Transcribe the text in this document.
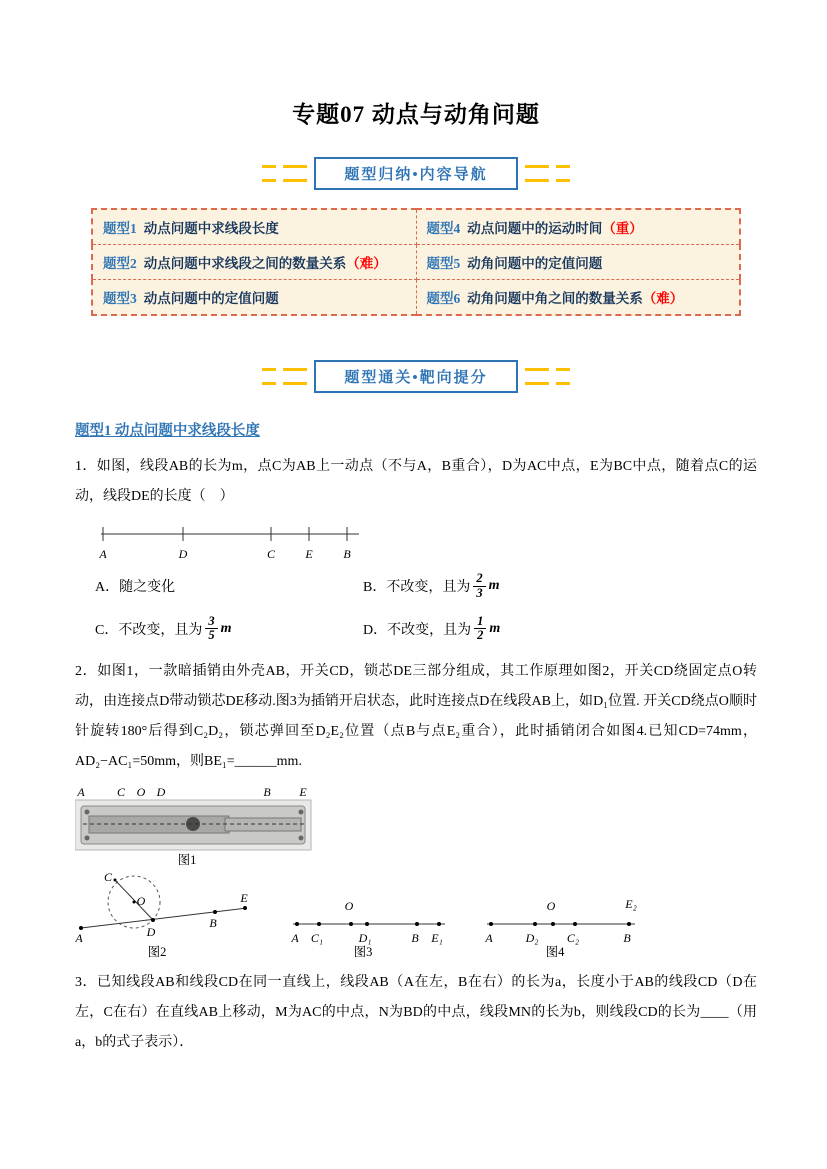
专题07 动点与动角问题
题型归纳•内容导航
题型1 动点问题中求线段长度	题型4 动点问题中的运动时间（重）
题型2 动点问题中求线段之间的数量关系（难）	题型5 动角问题中的定值问题
题型3 动点问题中的定值问题	题型6 动角问题中角之间的数量关系（难）
题型通关•靶向提分
题型1 动点问题中求线段长度

1．如图，线段AB的长为m，点C为AB上一动点（不与A，B重合），D为AC中点，E为BC中点，随着点C的运动，线段DE的长度（　）

A	D	C	E	B
A．随之变化	B．不改变，且为 $\frac{2}{3}$ m
C．不改变，且为 $\frac{3}{5}$ m	D．不改变，且为 $\frac{1}{2}$ m

2．如图1，一款暗插销由外壳AB，开关CD，锁芯DE三部分组成，其工作原理如图2，开关CD绕固定点O转动，由连接点D带动锁芯DE移动.图3为插销开启状态，此时连接点D在线段AB上，如D₁位置. 开关CD绕点O顺时针旋转180°后得到C₂D₂，锁芯弹回至D₂E₂位置（点B与点E₂重合），此时插销闭合如图4.已知CD=74mm，AD₂−AC₁=50mm，则BE₁=______mm.

A	C O D	B E
图1
A
C
O
D
B
E
图2
A C₁
O
D₁	B E₁
图3
A	D₂
O
C₂	B
E₂
图4

3．已知线段AB和线段CD在同一直线上，线段AB（A在左，B在右）的长为a，长度小于AB的线段CD（D在左，C在右）在直线AB上移动，M为AC的中点，N为BD的中点，线段MN的长为b，则线段CD的长为____（用a，b的式子表示）．
